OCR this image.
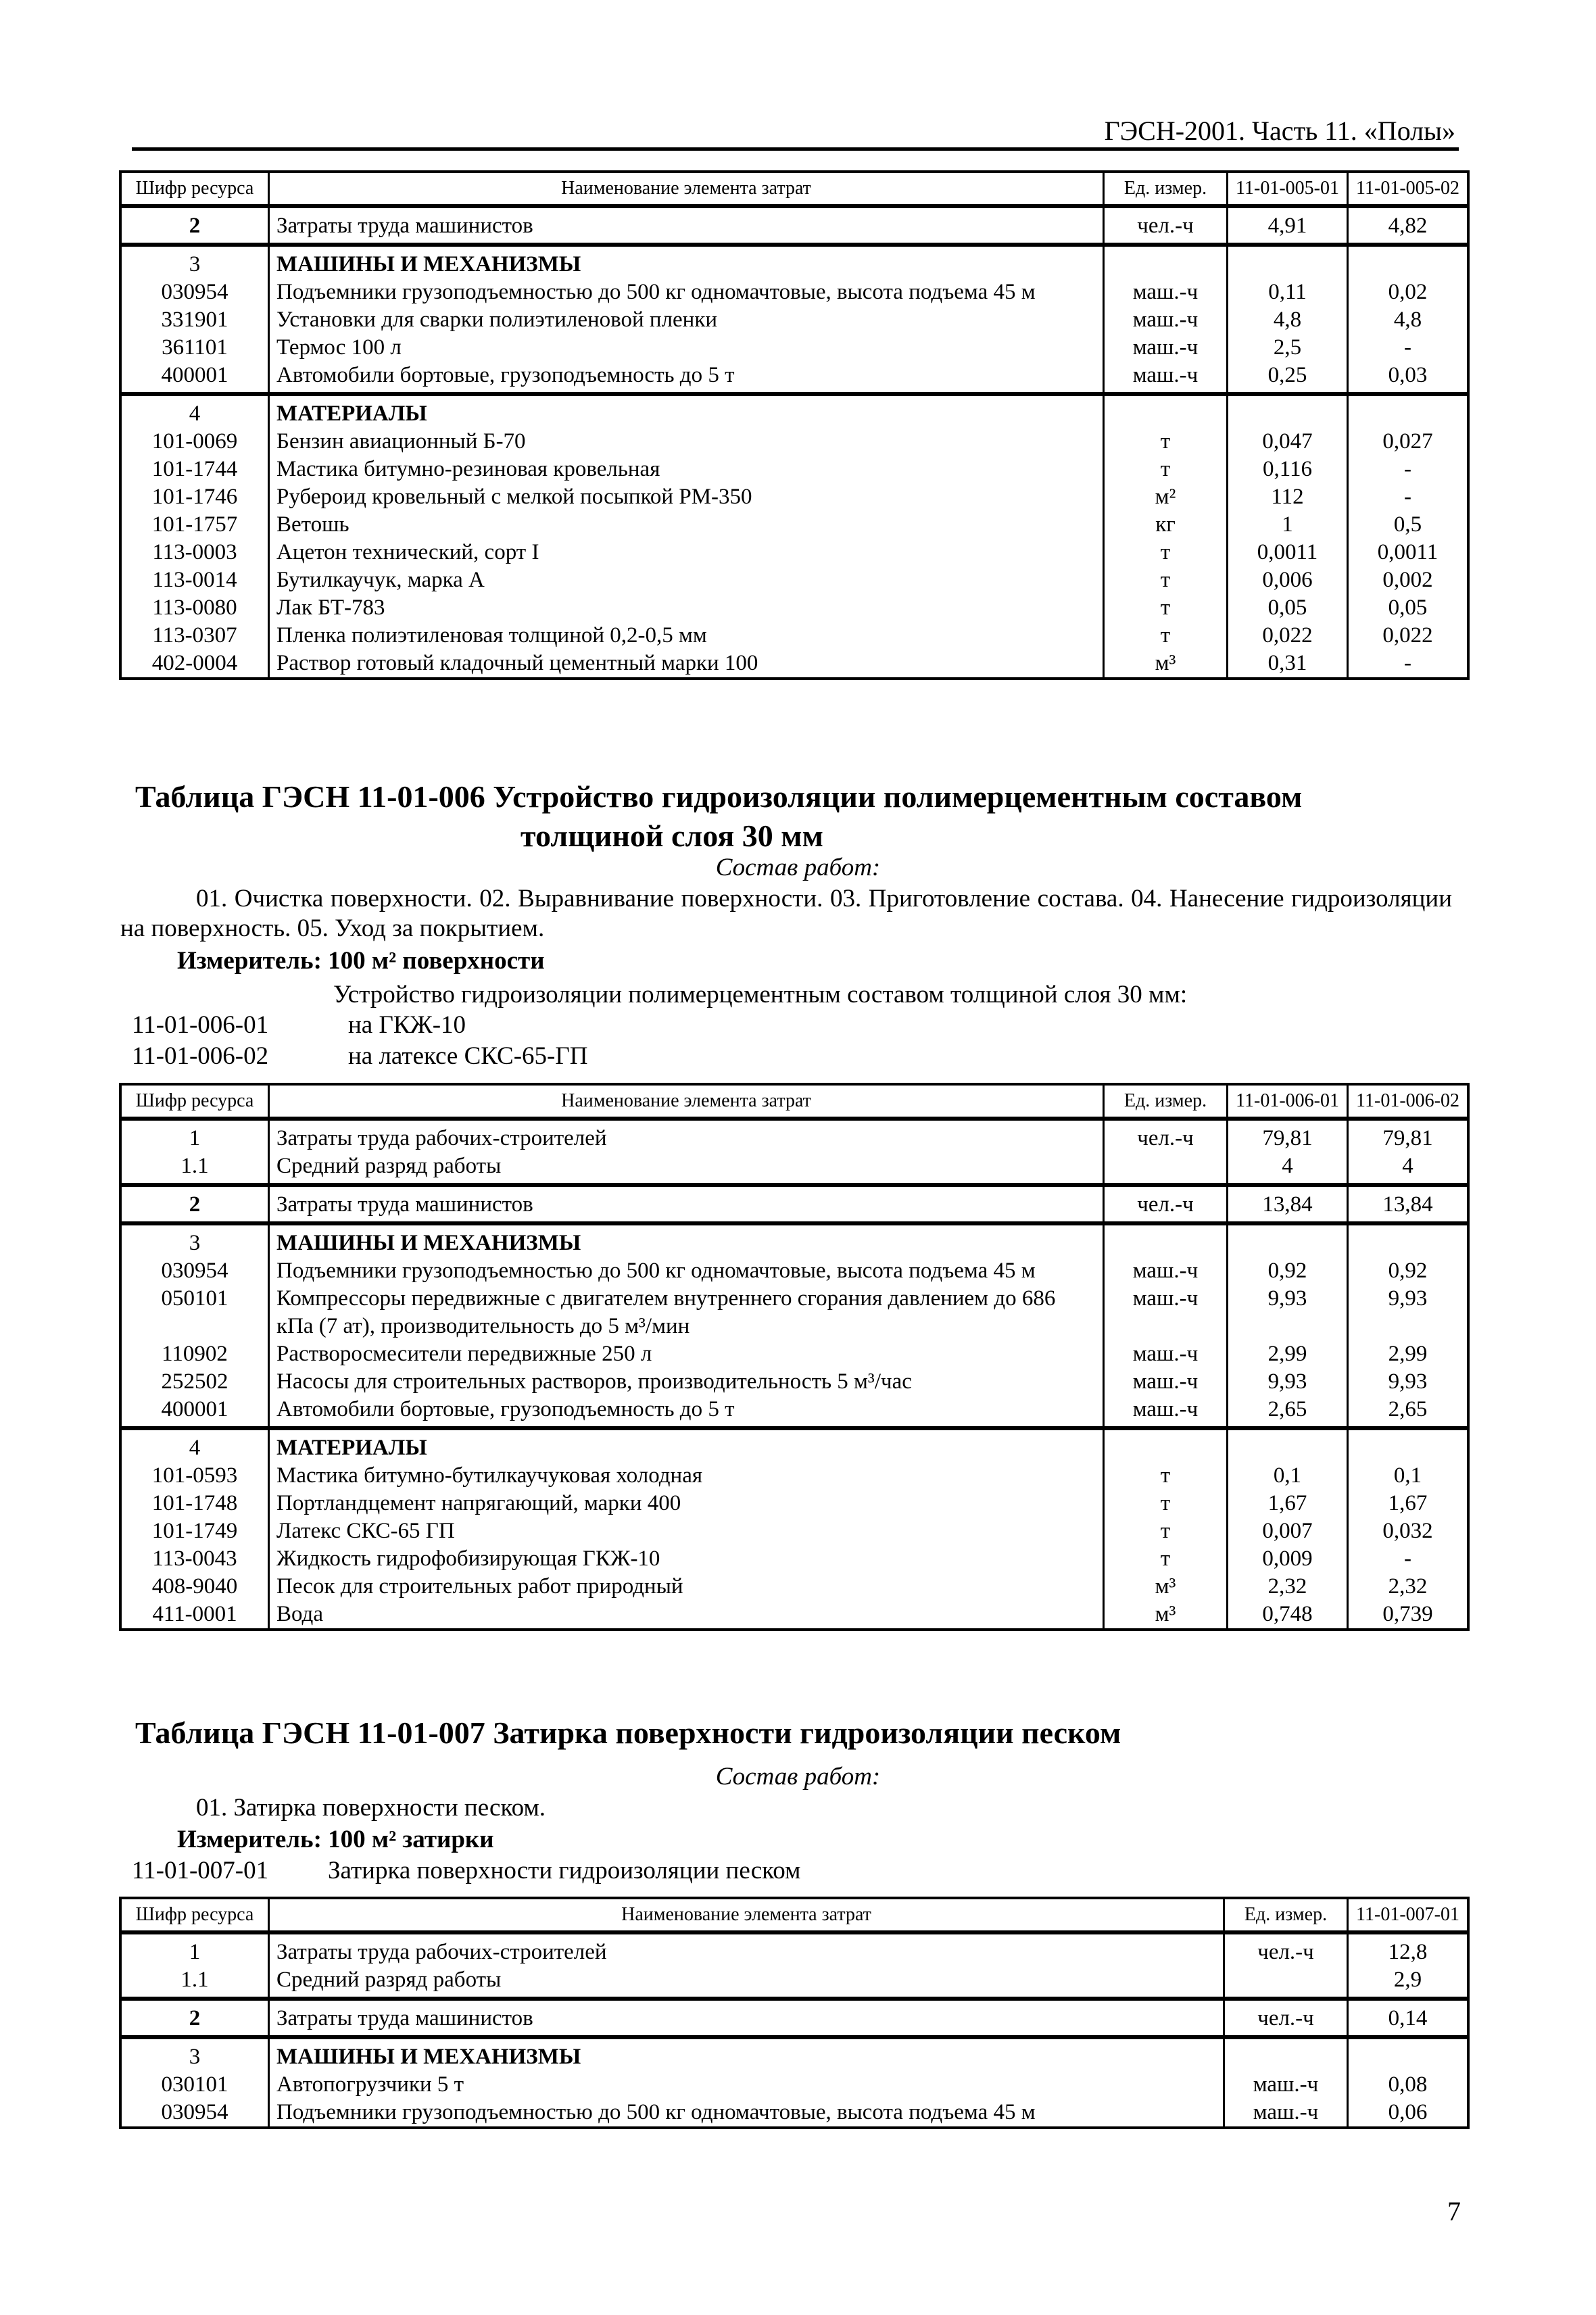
ГЭСН-2001. Часть 11. «Полы»
Шифр ресурса	Наименование элемента затрат	Ед. измер.	11-01-005-01	11-01-005-02
2	Затраты труда машинистов	чел.-ч	4,91	4,82
3	МАШИНЫ И МЕХАНИЗМЫ			
030954	Подъемники грузоподъемностью до 500 кг одномачтовые, высота подъема 45 м	маш.-ч	0,11	0,02
331901	Установки для сварки полиэтиленовой пленки	маш.-ч	4,8	4,8
361101	Термос 100 л	маш.-ч	2,5	-
400001	Автомобили бортовые, грузоподъемность до 5 т	маш.-ч	0,25	0,03
4	МАТЕРИАЛЫ			
101-0069	Бензин авиационный Б-70	т	0,047	0,027
101-1744	Мастика битумно-резиновая кровельная	т	0,116	-
101-1746	Рубероид кровельный с мелкой посыпкой РМ-350	м²	112	-
101-1757	Ветошь	кг	1	0,5
113-0003	Ацетон технический, сорт I	т	0,0011	0,0011
113-0014	Бутилкаучук, марка А	т	0,006	0,002
113-0080	Лак БТ-783	т	0,05	0,05
113-0307	Пленка полиэтиленовая толщиной 0,2-0,5 мм	т	0,022	0,022
402-0004	Раствор готовый кладочный цементный марки 100	м³	0,31	-
Таблица ГЭСН 11-01-006 Устройство гидроизоляции полимерцементным составом
толщиной слоя 30 мм
Состав работ:
01. Очистка поверхности. 02. Выравнивание поверхности. 03. Приготовление состава. 04. Нанесение гидроизоляции на поверхность. 05. Уход за покрытием.
Измеритель: 100 м² поверхности
Устройство гидроизоляции полимерцементным составом толщиной слоя 30 мм:
11-01-006-01	на ГКЖ-10
11-01-006-02	на латексе СКС-65-ГП
Шифр ресурса	Наименование элемента затрат	Ед. измер.	11-01-006-01	11-01-006-02
1	Затраты труда рабочих-строителей	чел.-ч	79,81	79,81
1.1	Средний разряд работы		4	4
2	Затраты труда машинистов	чел.-ч	13,84	13,84
3	МАШИНЫ И МЕХАНИЗМЫ			
030954	Подъемники грузоподъемностью до 500 кг одномачтовые, высота подъема 45 м	маш.-ч	0,92	0,92
050101	Компрессоры передвижные с двигателем внутреннего сгорания давлением до 686 кПа (7 ат), производительность до 5 м³/мин	маш.-ч	9,93	9,93
110902	Растворосмесители передвижные 250 л	маш.-ч	2,99	2,99
252502	Насосы для строительных растворов, производительность 5 м³/час	маш.-ч	9,93	9,93
400001	Автомобили бортовые, грузоподъемность до 5 т	маш.-ч	2,65	2,65
4	МАТЕРИАЛЫ			
101-0593	Мастика битумно-бутилкаучуковая холодная	т	0,1	0,1
101-1748	Портландцемент напрягающий, марки 400	т	1,67	1,67
101-1749	Латекс СКС-65 ГП	т	0,007	0,032
113-0043	Жидкость гидрофобизирующая ГКЖ-10	т	0,009	-
408-9040	Песок для строительных работ природный	м³	2,32	2,32
411-0001	Вода	м³	0,748	0,739
Таблица ГЭСН 11-01-007 Затирка поверхности гидроизоляции песком
Состав работ:
01. Затирка поверхности песком.
Измеритель: 100 м² затирки
11-01-007-01 Затирка поверхности гидроизоляции песком
Шифр ресурса	Наименование элемента затрат	Ед. измер.	11-01-007-01
1	Затраты труда рабочих-строителей	чел.-ч	12,8
1.1	Средний разряд работы		2,9
2	Затраты труда машинистов	чел.-ч	0,14
3	МАШИНЫ И МЕХАНИЗМЫ		
030101	Автопогрузчики 5 т	маш.-ч	0,08
030954	Подъемники грузоподъемностью до 500 кг одномачтовые, высота подъема 45 м	маш.-ч	0,06
7
